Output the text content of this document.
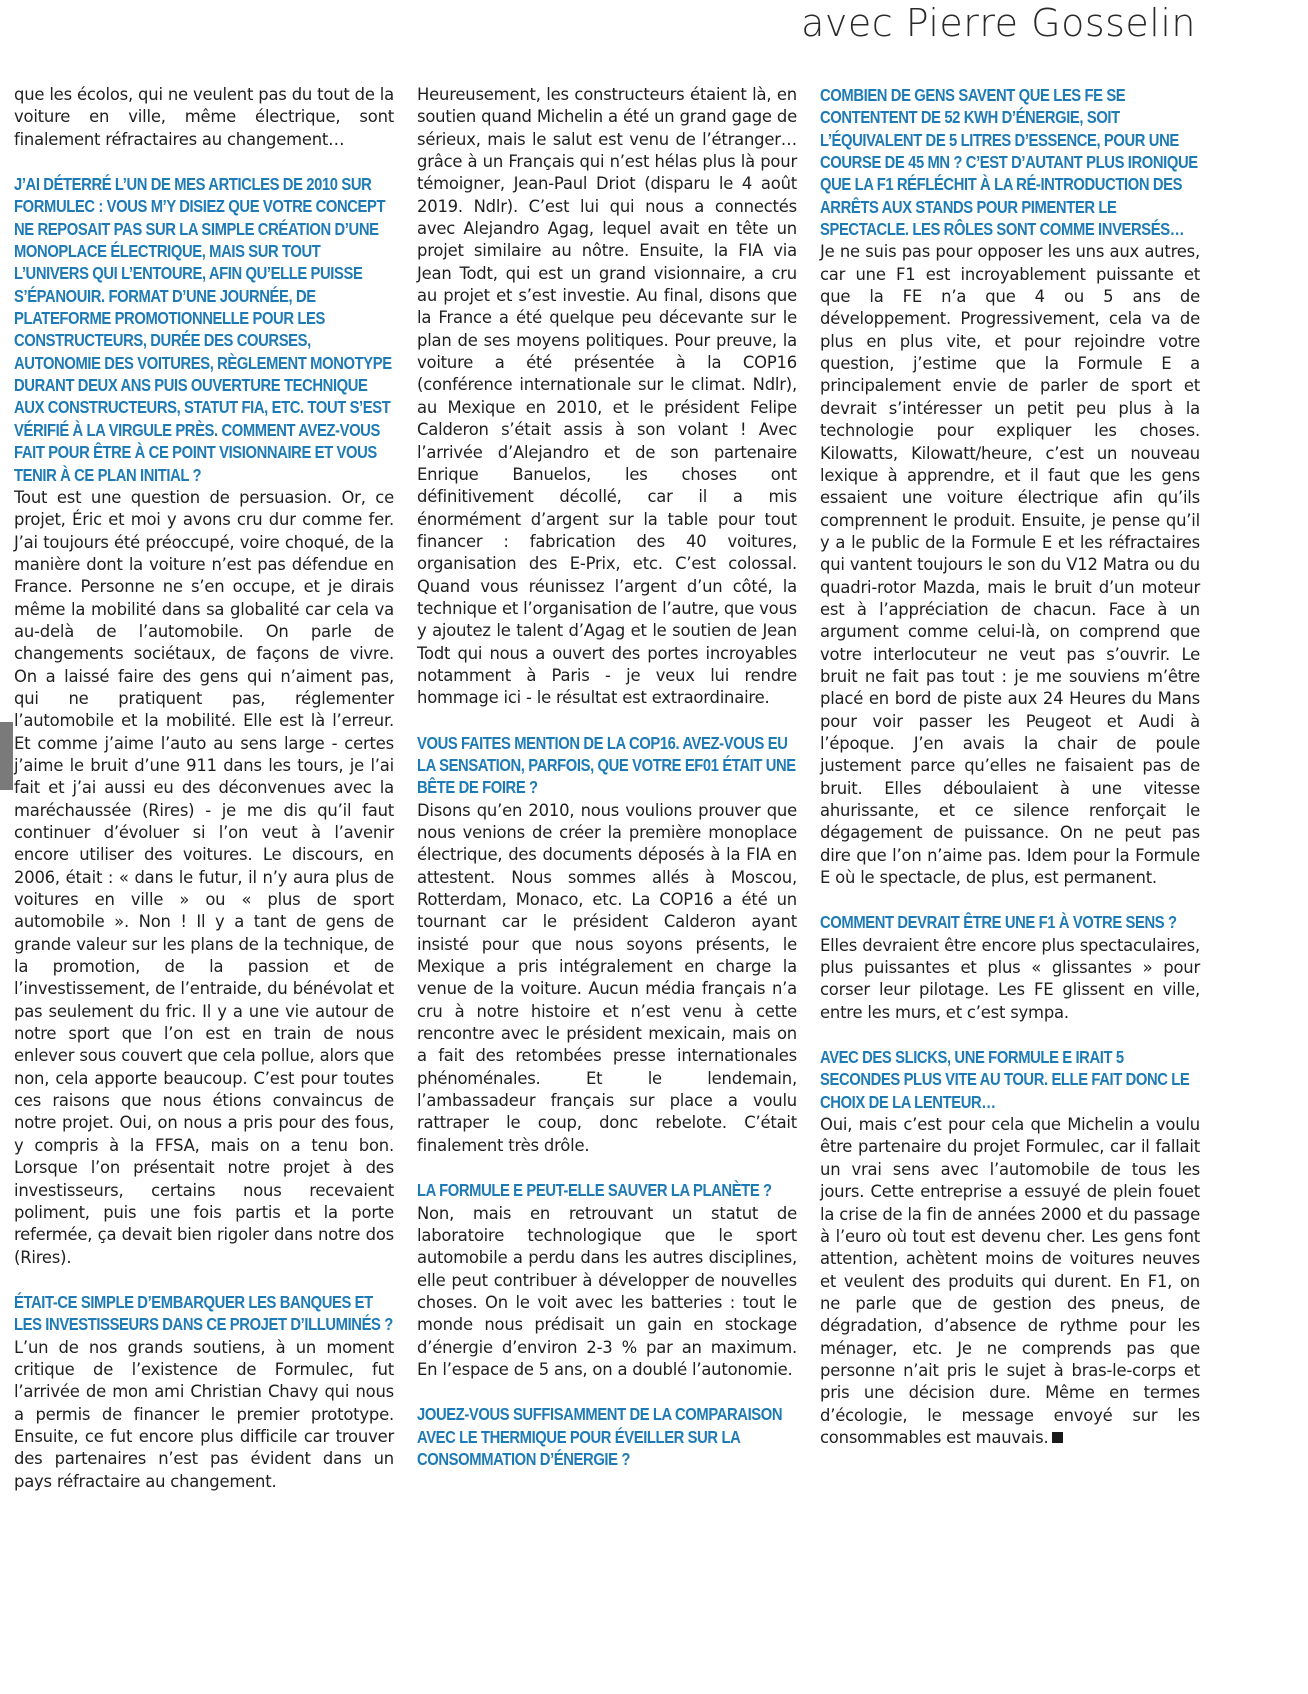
avec Pierre Gosselin

que les écolos, qui ne veulent pas du tout de la voiture en ville, même électrique, sont finalement réfractaires au changement…

J’AI DÉTERRÉ L’UN DE MES ARTICLES DE 2010 SUR FORMULEC : VOUS M’Y DISIEZ QUE VOTRE CONCEPT NE REPOSAIT PAS SUR LA SIMPLE CRÉATION D’UNE MONOPLACE ÉLECTRIQUE, MAIS SUR TOUT L’UNIVERS QUI L’ENTOURE, AFIN QU’ELLE PUISSE S’ÉPANOUIR. FORMAT D’UNE JOURNÉE, DE PLATEFORME PROMOTIONNELLE POUR LES CONSTRUCTEURS, DURÉE DES COURSES, AUTONOMIE DES VOITURES, RÈGLEMENT MONOTYPE DURANT DEUX ANS PUIS OUVERTURE TECHNIQUE AUX CONSTRUCTEURS, STATUT FIA, ETC. TOUT S’EST VÉRIFIÉ À LA VIRGULE PRÈS. COMMENT AVEZ-VOUS FAIT POUR ÊTRE À CE POINT VISIONNAIRE ET VOUS TENIR À CE PLAN INITIAL ?

Tout est une question de persuasion. Or, ce projet, Éric et moi y avons cru dur comme fer. J’ai toujours été préoccupé, voire choqué, de la manière dont la voiture n’est pas défendue en France. Personne ne s’en occupe, et je dirais même la mobilité dans sa globalité car cela va au-delà de l’automobile. On parle de changements sociétaux, de façons de vivre. On a laissé faire des gens qui n’aiment pas, qui ne pratiquent pas, réglementer l’automobile et la mobilité. Elle est là l’erreur. Et comme j’aime l’auto au sens large - certes j’aime le bruit d’une 911 dans les tours, je l’ai fait et j’ai aussi eu des déconvenues avec la maréchaussée (Rires) - je me dis qu’il faut continuer d’évoluer si l’on veut à l’avenir encore utiliser des voitures. Le discours, en 2006, était : « dans le futur, il n’y aura plus de voitures en ville » ou « plus de sport automobile ». Non ! Il y a tant de gens de grande valeur sur les plans de la technique, de la promotion, de la passion et de l’investissement, de l’entraide, du bénévolat et pas seulement du fric. Il y a une vie autour de notre sport que l’on est en train de nous enlever sous couvert que cela pollue, alors que non, cela apporte beaucoup. C’est pour toutes ces raisons que nous étions convaincus de notre projet. Oui, on nous a pris pour des fous, y compris à la FFSA, mais on a tenu bon. Lorsque l’on présentait notre projet à des investisseurs, certains nous recevaient poliment, puis une fois partis et la porte refermée, ça devait bien rigoler dans notre dos (Rires).

ÉTAIT-CE SIMPLE D’EMBARQUER LES BANQUES ET LES INVESTISSEURS DANS CE PROJET D’ILLUMINÉS ?

L’un de nos grands soutiens, à un moment critique de l’existence de Formulec, fut l’arrivée de mon ami Christian Chavy qui nous a permis de financer le premier prototype. Ensuite, ce fut encore plus difficile car trouver des partenaires n’est pas évident dans un pays réfractaire au changement.

Heureusement, les constructeurs étaient là, en soutien quand Michelin a été un grand gage de sérieux, mais le salut est venu de l’étranger… grâce à un Français qui n’est hélas plus là pour témoigner, Jean-Paul Driot (disparu le 4 août 2019. Ndlr). C’est lui qui nous a connectés avec Alejandro Agag, lequel avait en tête un projet similaire au nôtre. Ensuite, la FIA via Jean Todt, qui est un grand visionnaire, a cru au projet et s’est investie. Au final, disons que la France a été quelque peu décevante sur le plan de ses moyens politiques. Pour preuve, la voiture a été présentée à la COP16 (conférence internationale sur le climat. Ndlr), au Mexique en 2010, et le président Felipe Calderon s’était assis à son volant ! Avec l’arrivée d’Alejandro et de son partenaire Enrique Banuelos, les choses ont définitivement décollé, car il a mis énormément d’argent sur la table pour tout financer : fabrication des 40 voitures, organisation des E-Prix, etc. C’est colossal. Quand vous réunissez l’argent d’un côté, la technique et l’organisation de l’autre, que vous y ajoutez le talent d’Agag et le soutien de Jean Todt qui nous a ouvert des portes incroyables notamment à Paris - je veux lui rendre hommage ici - le résultat est extraordinaire.

VOUS FAITES MENTION DE LA COP16. AVEZ-VOUS EU LA SENSATION, PARFOIS, QUE VOTRE EF01 ÉTAIT UNE BÊTE DE FOIRE ?

Disons qu’en 2010, nous voulions prouver que nous venions de créer la première monoplace électrique, des documents déposés à la FIA en attestent. Nous sommes allés à Moscou, Rotterdam, Monaco, etc. La COP16 a été un tournant car le président Calderon ayant insisté pour que nous soyons présents, le Mexique a pris intégralement en charge la venue de la voiture. Aucun média français n’a cru à notre histoire et n’est venu à cette rencontre avec le président mexicain, mais on a fait des retombées presse internationales phénoménales. Et le lendemain, l’ambassadeur français sur place a voulu rattraper le coup, donc rebelote. C’était finalement très drôle.

LA FORMULE E PEUT-ELLE SAUVER LA PLANÈTE ?

Non, mais en retrouvant un statut de laboratoire technologique que le sport automobile a perdu dans les autres disciplines, elle peut contribuer à développer de nouvelles choses. On le voit avec les batteries : tout le monde nous prédisait un gain en stockage d’énergie d’environ 2-3 % par an maximum. En l’espace de 5 ans, on a doublé l’autonomie.

JOUEZ-VOUS SUFFISAMMENT DE LA COMPARAISON AVEC LE THERMIQUE POUR ÉVEILLER SUR LA CONSOMMATION D’ÉNERGIE ?
COMBIEN DE GENS SAVENT QUE LES FE SE CONTENTENT DE 52 KWH D’ÉNERGIE, SOIT L’ÉQUIVALENT DE 5 LITRES D’ESSENCE, POUR UNE COURSE DE 45 MN ? C’EST D’AUTANT PLUS IRONIQUE QUE LA F1 RÉFLÉCHIT À LA RÉ-INTRODUCTION DES ARRÊTS AUX STANDS POUR PIMENTER LE SPECTACLE. LES RÔLES SONT COMME INVERSÉS…

Je ne suis pas pour opposer les uns aux autres, car une F1 est incroyablement puissante et que la FE n’a que 4 ou 5 ans de développement. Progressivement, cela va de plus en plus vite, et pour rejoindre votre question, j’estime que la Formule E a principalement envie de parler de sport et devrait s’intéresser un petit peu plus à la technologie pour expliquer les choses. Kilowatts, Kilowatt/heure, c’est un nouveau lexique à apprendre, et il faut que les gens essaient une voiture électrique afin qu’ils comprennent le produit. Ensuite, je pense qu’il y a le public de la Formule E et les réfractaires qui vantent toujours le son du V12 Matra ou du quadri-rotor Mazda, mais le bruit d’un moteur est à l’appréciation de chacun. Face à un argument comme celui-là, on comprend que votre interlocuteur ne veut pas s’ouvrir. Le bruit ne fait pas tout : je me souviens m’être placé en bord de piste aux 24 Heures du Mans pour voir passer les Peugeot et Audi à l’époque. J’en avais la chair de poule justement parce qu’elles ne faisaient pas de bruit. Elles déboulaient à une vitesse ahurissante, et ce silence renforçait le dégagement de puissance. On ne peut pas dire que l’on n’aime pas. Idem pour la Formule E où le spectacle, de plus, est permanent.

COMMENT DEVRAIT ÊTRE UNE F1 À VOTRE SENS ?

Elles devraient être encore plus spectaculaires, plus puissantes et plus « glissantes » pour corser leur pilotage. Les FE glissent en ville, entre les murs, et c’est sympa.

AVEC DES SLICKS, UNE FORMULE E IRAIT 5 SECONDES PLUS VITE AU TOUR. ELLE FAIT DONC LE CHOIX DE LA LENTEUR…

Oui, mais c’est pour cela que Michelin a voulu être partenaire du projet Formulec, car il fallait un vrai sens avec l’automobile de tous les jours. Cette entreprise a essuyé de plein fouet la crise de la fin de années 2000 et du passage à l’euro où tout est devenu cher. Les gens font attention, achètent moins de voitures neuves et veulent des produits qui durent. En F1, on ne parle que de gestion des pneus, de dégradation, d’absence de rythme pour les ménager, etc. Je ne comprends pas que personne n’ait pris le sujet à bras-le-corps et pris une décision dure. Même en termes d’écologie, le message envoyé sur les consommables est mauvais.
